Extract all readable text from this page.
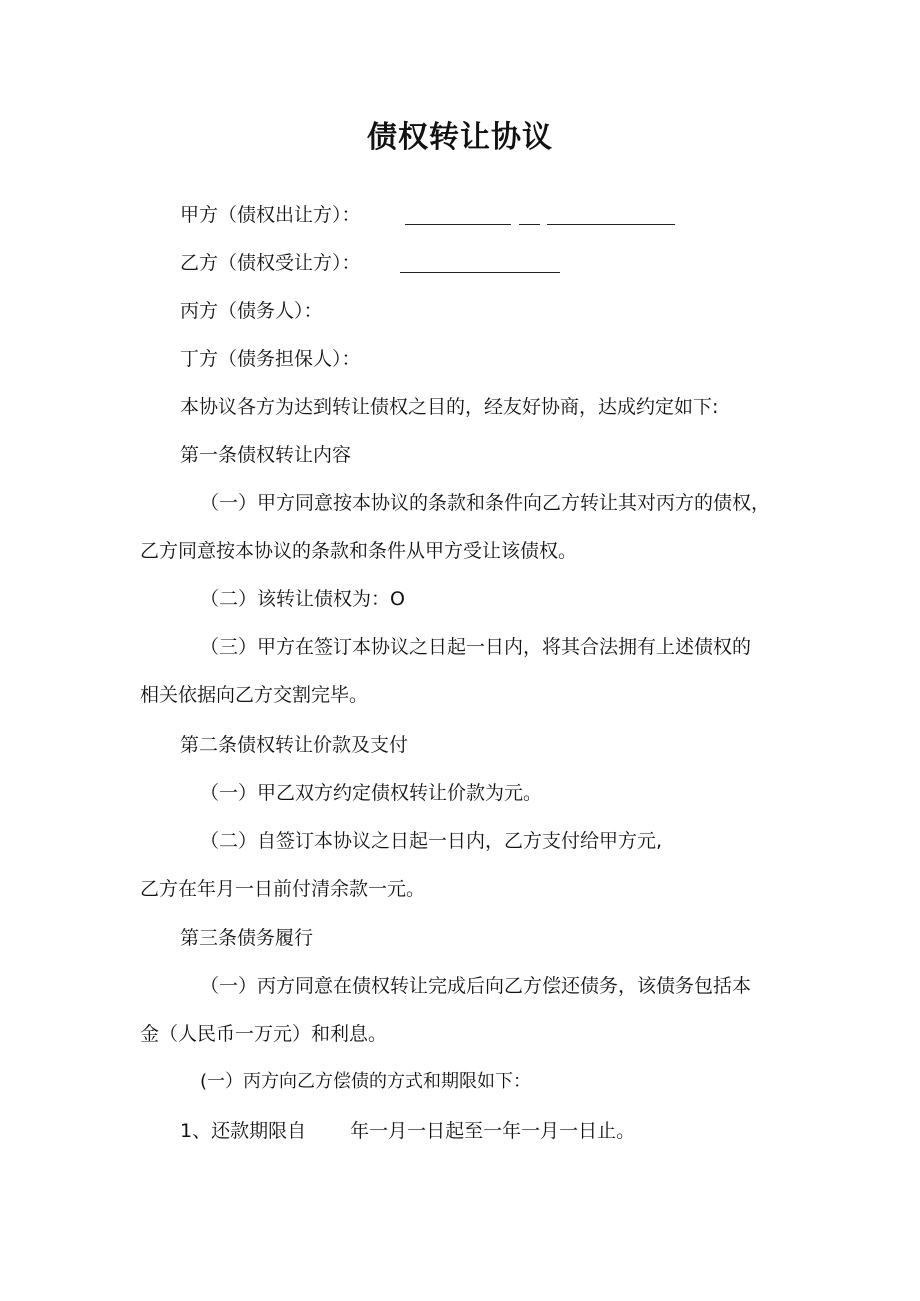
债权转让协议
甲方（债权出让方）：
乙方（债权受让方）：
丙方（债务人）：
丁方（债务担保人）：
本协议各方为达到转让债权之目的，经友好协商，达成约定如下:
第一条债权转让内容
（一）甲方同意按本协议的条款和条件向乙方转让其对丙方的债权，
乙方同意按本协议的条款和条件从甲方受让该债权。
（二）该转让债权为：O
（三）甲方在签订本协议之日起一日内，将其合法拥有上述债权的
相关依据向乙方交割完毕。
第二条债权转让价款及支付
（一）甲乙双方约定债权转让价款为元。
（二）自签订本协议之日起一日内，乙方支付给甲方元,
乙方在年月一日前付清余款一元。
第三条债务履行
（一）丙方同意在债权转让完成后向乙方偿还债务，该债务包括本
金（人民币一万元）和利息。
(一）丙方向乙方偿债的方式和期限如下：
1、还款期限自 　　年一月一日起至一年一月一日止。
